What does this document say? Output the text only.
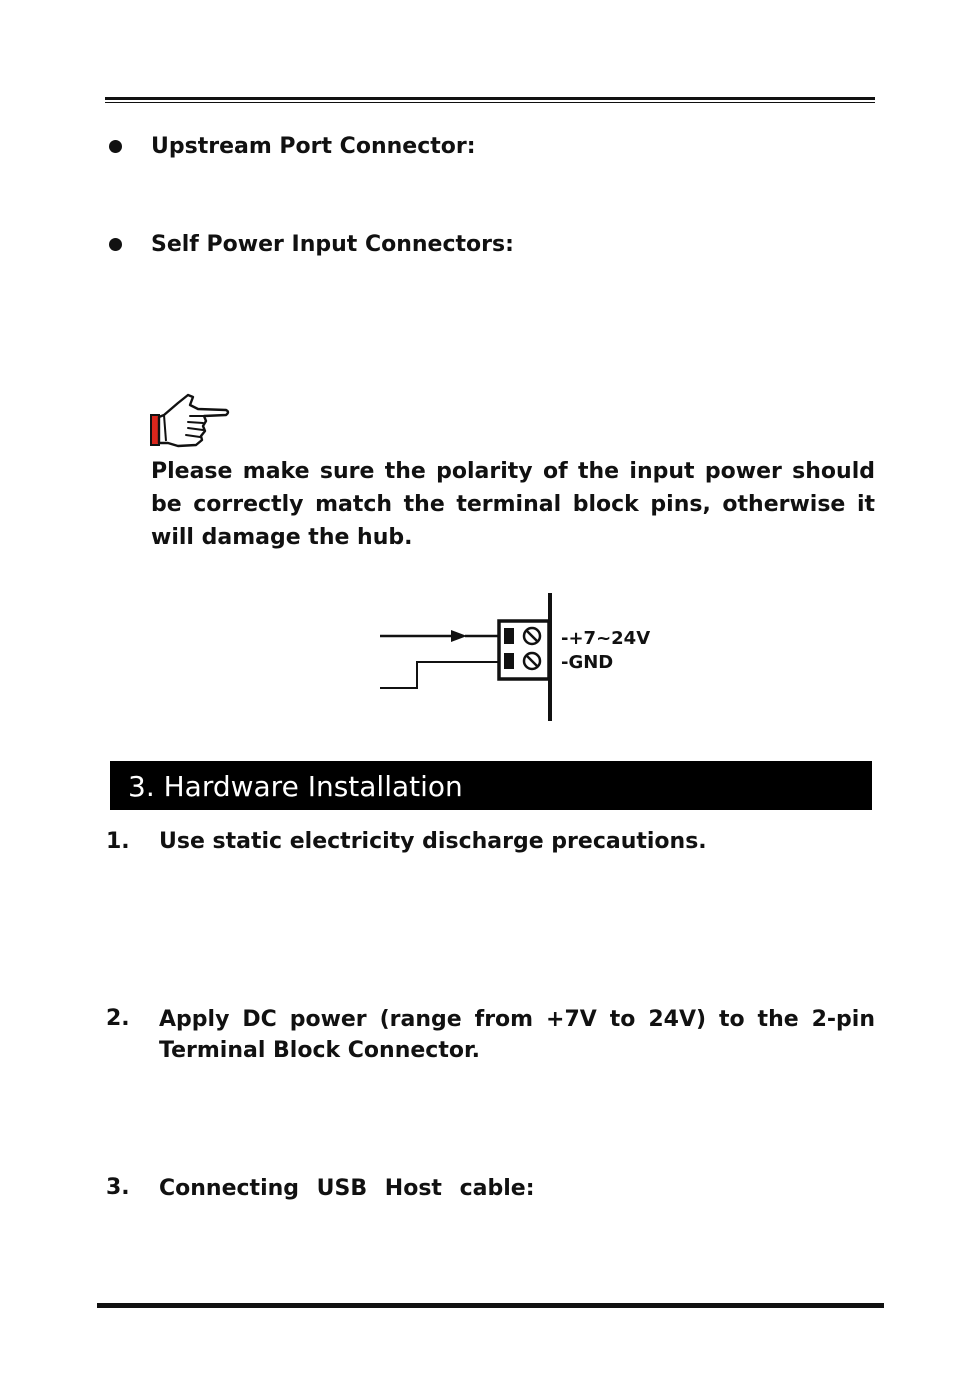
Upstream Port Connector:
Self Power Input Connectors:
Please make sure the polarity of the input power should be correctly match the terminal block pins, otherwise it will damage the hub.
-+7~24V
-GND
3. Hardware Installation
1. Use static electricity discharge precautions.
2. Apply DC power (range from +7V to 24V) to the 2-pin Terminal Block Connector.
3. Connecting USB Host cable:
